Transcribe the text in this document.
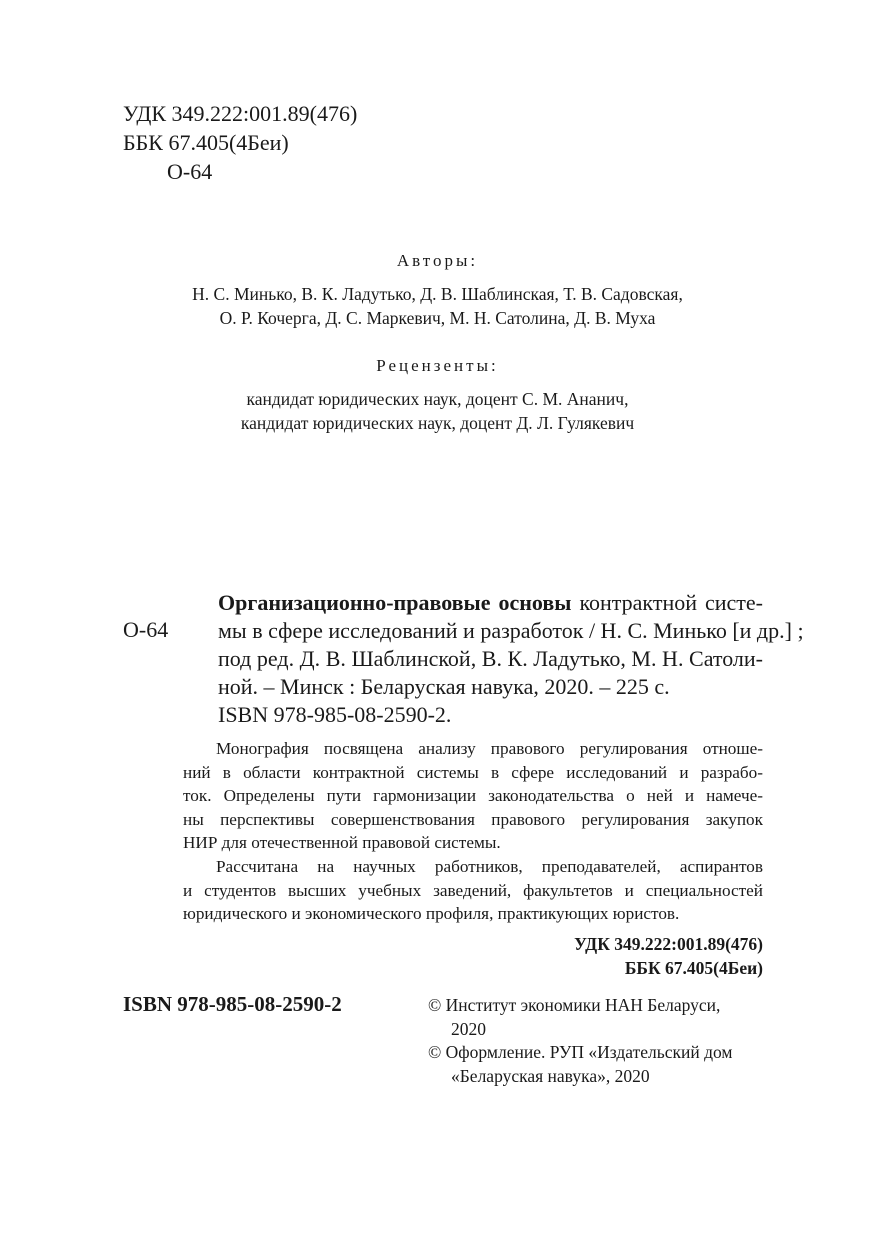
УДК 349.222:001.89(476)
ББК 67.405(4Беи)
О-64
Авторы:
Н. С. Минько, В. К. Ладутько, Д. В. Шаблинская, Т. В. Садовская,
О. Р. Кочерга, Д. С. Маркевич, М. Н. Сатолина, Д. В. Муха
Рецензенты:
кандидат юридических наук, доцент С. М. Ананич,
кандидат юридических наук, доцент Д. Л. Гулякевич
О-64
Организационно-правовые основы контрактной систе-
мы в сфере исследований и разработок / Н. С. Минько [и др.] ;
под ред. Д. В. Шаблинской, В. К. Ладутько, М. Н. Сатоли-
ной. – Минск : Беларуская навука, 2020. – 225 с.
ISBN 978-985-08-2590-2.
Монография посвящена анализу правового регулирования отноше-
ний в области контрактной системы в сфере исследований и разрабо-
ток. Определены пути гармонизации законодательства о ней и намече-
ны перспективы совершенствования правового регулирования закупок
НИР для отечественной правовой системы.
Рассчитана на научных работников, преподавателей, аспирантов
и студентов высших учебных заведений, факультетов и специальностей
юридического и экономического профиля, практикующих юристов.
УДК 349.222:001.89(476)
ББК 67.405(4Беи)
ISBN 978-985-08-2590-2	© Институт экономики НАН Беларуси,
2020
© Оформление. РУП «Издательский дом
«Беларуская навука», 2020
